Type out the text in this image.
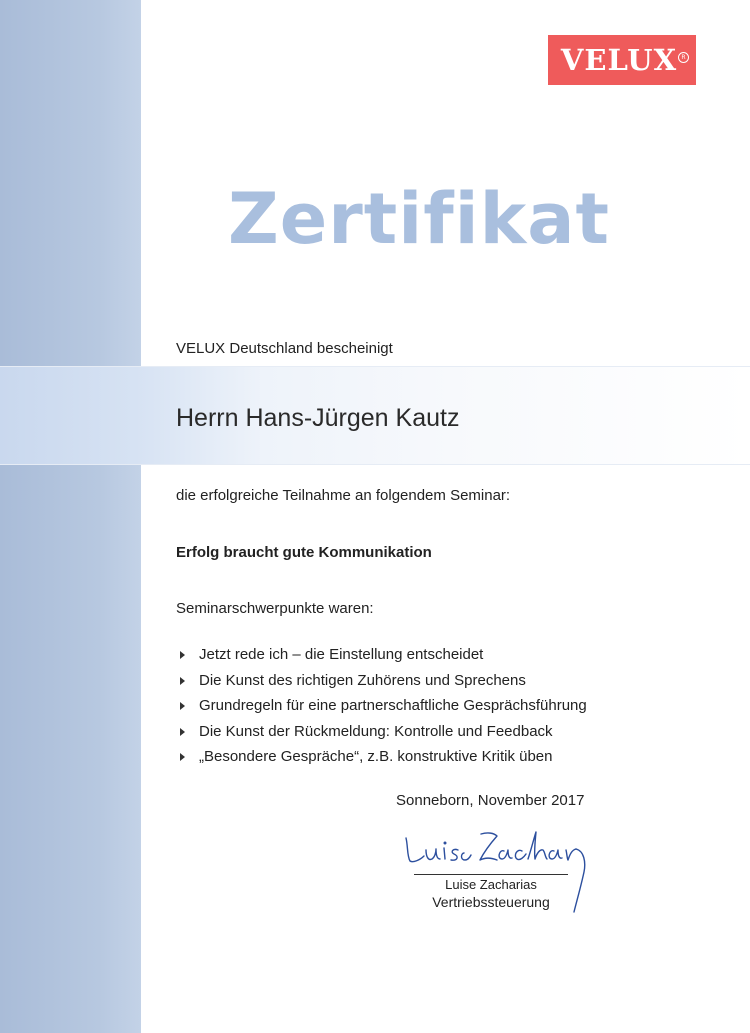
VELUX R
Zertifikat
VELUX Deutschland bescheinigt
Herrn Hans-Jürgen Kautz
die erfolgreiche Teilnahme an folgendem Seminar:
Erfolg braucht gute Kommunikation
Seminarschwerpunkte waren:
Jetzt rede ich – die Einstellung entscheidet
Die Kunst des richtigen Zuhörens und Sprechens
Grundregeln für eine partnerschaftliche Gesprächsführung
Die Kunst der Rückmeldung: Kontrolle und Feedback
„Besondere Gespräche“, z.B. konstruktive Kritik üben
Sonneborn, November 2017
Luise Zacharias
Vertriebssteuerung
